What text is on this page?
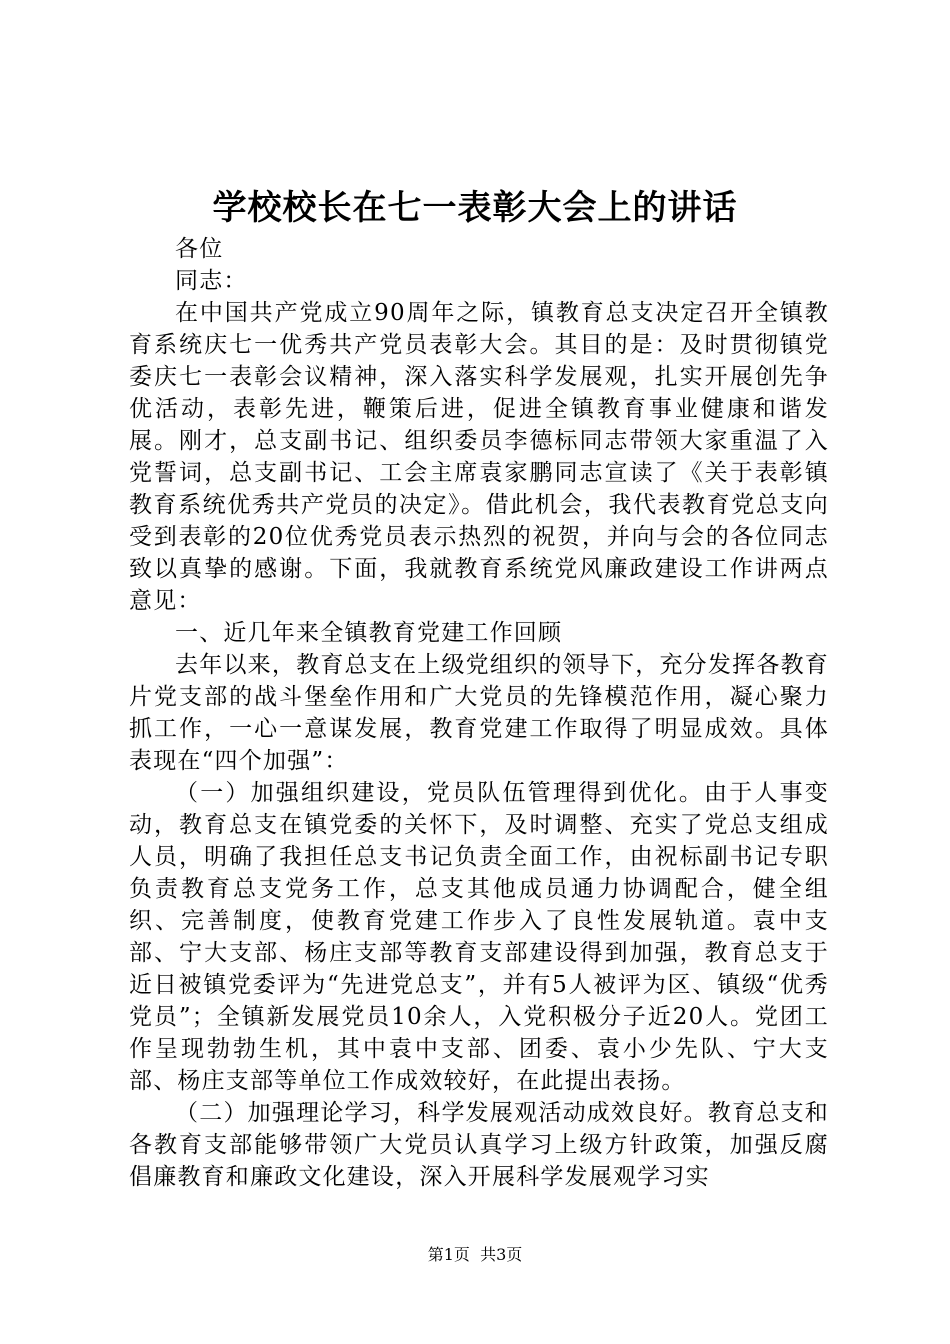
学校校长在七一表彰大会上的讲话

各位

同志：

在中国共产党成立90周年之际，镇教育总支决定召开全镇教育系统庆七一优秀共产党员表彰大会。其目的是：及时贯彻镇党委庆七一表彰会议精神，深入落实科学发展观，扎实开展创先争优活动，表彰先进，鞭策后进，促进全镇教育事业健康和谐发展。刚才，总支副书记、组织委员李德标同志带领大家重温了入党誓词，总支副书记、工会主席袁家鹏同志宣读了《关于表彰镇教育系统优秀共产党员的决定》。借此机会，我代表教育党总支向受到表彰的20位优秀党员表示热烈的祝贺，并向与会的各位同志致以真挚的感谢。下面，我就教育系统党风廉政建设工作讲两点意见：

一、近几年来全镇教育党建工作回顾

去年以来，教育总支在上级党组织的领导下，充分发挥各教育片党支部的战斗堡垒作用和广大党员的先锋模范作用，凝心聚力抓工作，一心一意谋发展，教育党建工作取得了明显成效。具体表现在“四个加强”：

（一）加强组织建设，党员队伍管理得到优化。由于人事变动，教育总支在镇党委的关怀下，及时调整、充实了党总支组成人员，明确了我担任总支书记负责全面工作，由祝标副书记专职负责教育总支党务工作，总支其他成员通力协调配合，健全组织、完善制度，使教育党建工作步入了良性发展轨道。袁中支部、宁大支部、杨庄支部等教育支部建设得到加强，教育总支于近日被镇党委评为“先进党总支”，并有5人被评为区、镇级“优秀党员”；全镇新发展党员10余人，入党积极分子近20人。党团工作呈现勃勃生机，其中袁中支部、团委、袁小少先队、宁大支部、杨庄支部等单位工作成效较好，在此提出表扬。

（二）加强理论学习，科学发展观活动成效良好。教育总支和各教育支部能够带领广大党员认真学习上级方针政策，加强反腐倡廉教育和廉政文化建设，深入开展科学发展观学习实

第1页 共3页
